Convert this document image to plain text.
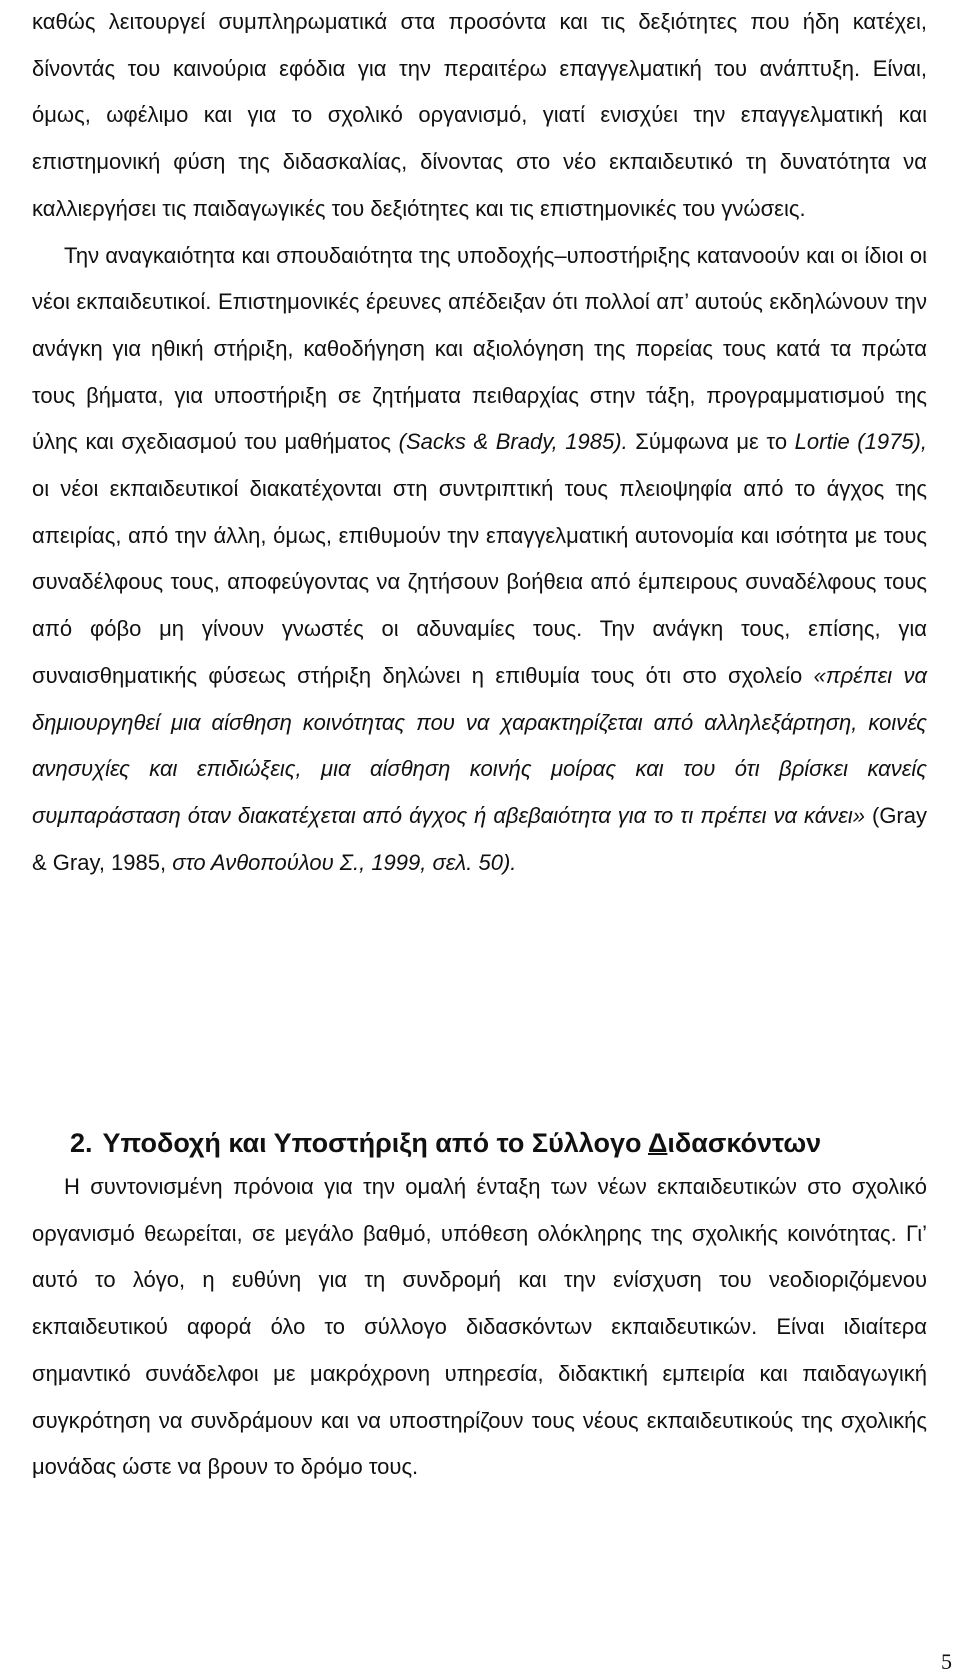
καθώς λειτουργεί συμπληρωματικά στα προσόντα και τις δεξιότητες που ήδη κατέχει, δίνοντάς του καινούρια εφόδια για την περαιτέρω επαγγελματική του ανάπτυξη. Είναι, όμως, ωφέλιμο και για το σχολικό οργανισμό, γιατί ενισχύει την επαγγελματική και επιστημονική φύση της διδασκαλίας, δίνοντας στο νέο εκπαιδευτικό τη δυνατότητα να καλλιεργήσει τις παιδαγωγικές του δεξιότητες και τις επιστημονικές του γνώσεις.

Την αναγκαιότητα και σπουδαιότητα της υποδοχής–υποστήριξης κατανοούν και οι ίδιοι οι νέοι εκπαιδευτικοί. Επιστημονικές έρευνες απέδειξαν ότι πολλοί απ’ αυτούς εκδηλώνουν την ανάγκη για ηθική στήριξη, καθοδήγηση και αξιολόγηση της πορείας τους κατά τα πρώτα τους βήματα, για υποστήριξη σε ζητήματα πειθαρχίας στην τάξη, προγραμματισμού της ύλης και σχεδιασμού του μαθήματος (Sacks & Brady, 1985). Σύμφωνα με το Lortie (1975), οι νέοι εκπαιδευτικοί διακατέχονται στη συντριπτική τους πλειοψηφία από το άγχος της απειρίας, από την άλλη, όμως, επιθυμούν την επαγγελματική αυτονομία και ισότητα με τους συναδέλφους τους, αποφεύγοντας να ζητήσουν βοήθεια από έμπειρους συναδέλφους τους από φόβο μη γίνουν γνωστές οι αδυναμίες τους. Την ανάγκη τους, επίσης, για συναισθηματικής φύσεως στήριξη δηλώνει η επιθυμία τους ότι στο σχολείο «πρέπει να δημιουργηθεί μια αίσθηση κοινότητας που να χαρακτηρίζεται από αλληλεξάρτηση, κοινές ανησυχίες και επιδιώξεις, μια αίσθηση κοινής μοίρας και του ότι βρίσκει κανείς συμπαράσταση όταν διακατέχεται από άγχος ή αβεβαιότητα για το τι πρέπει να κάνει» (Gray & Gray, 1985, στο Ανθοπούλου Σ., 1999, σελ. 50).

2. Υποδοχή και Υποστήριξη από το Σύλλογο Διδασκόντων

Η συντονισμένη πρόνοια για την ομαλή ένταξη των νέων εκπαιδευτικών στο σχολικό οργανισμό θεωρείται, σε μεγάλο βαθμό, υπόθεση ολόκληρης της σχολικής κοινότητας. Γι’ αυτό το λόγο, η ευθύνη για τη συνδρομή και την ενίσχυση του νεοδιοριζόμενου εκπαιδευτικού αφορά όλο το σύλλογο διδασκόντων εκπαιδευτικών. Είναι ιδιαίτερα σημαντικό συνάδελφοι με μακρόχρονη υπηρεσία, διδακτική εμπειρία και παιδαγωγική συγκρότηση να συνδράμουν και να υποστηρίζουν τους νέους εκπαιδευτικούς της σχολικής μονάδας ώστε να βρουν το δρόμο τους.

5
